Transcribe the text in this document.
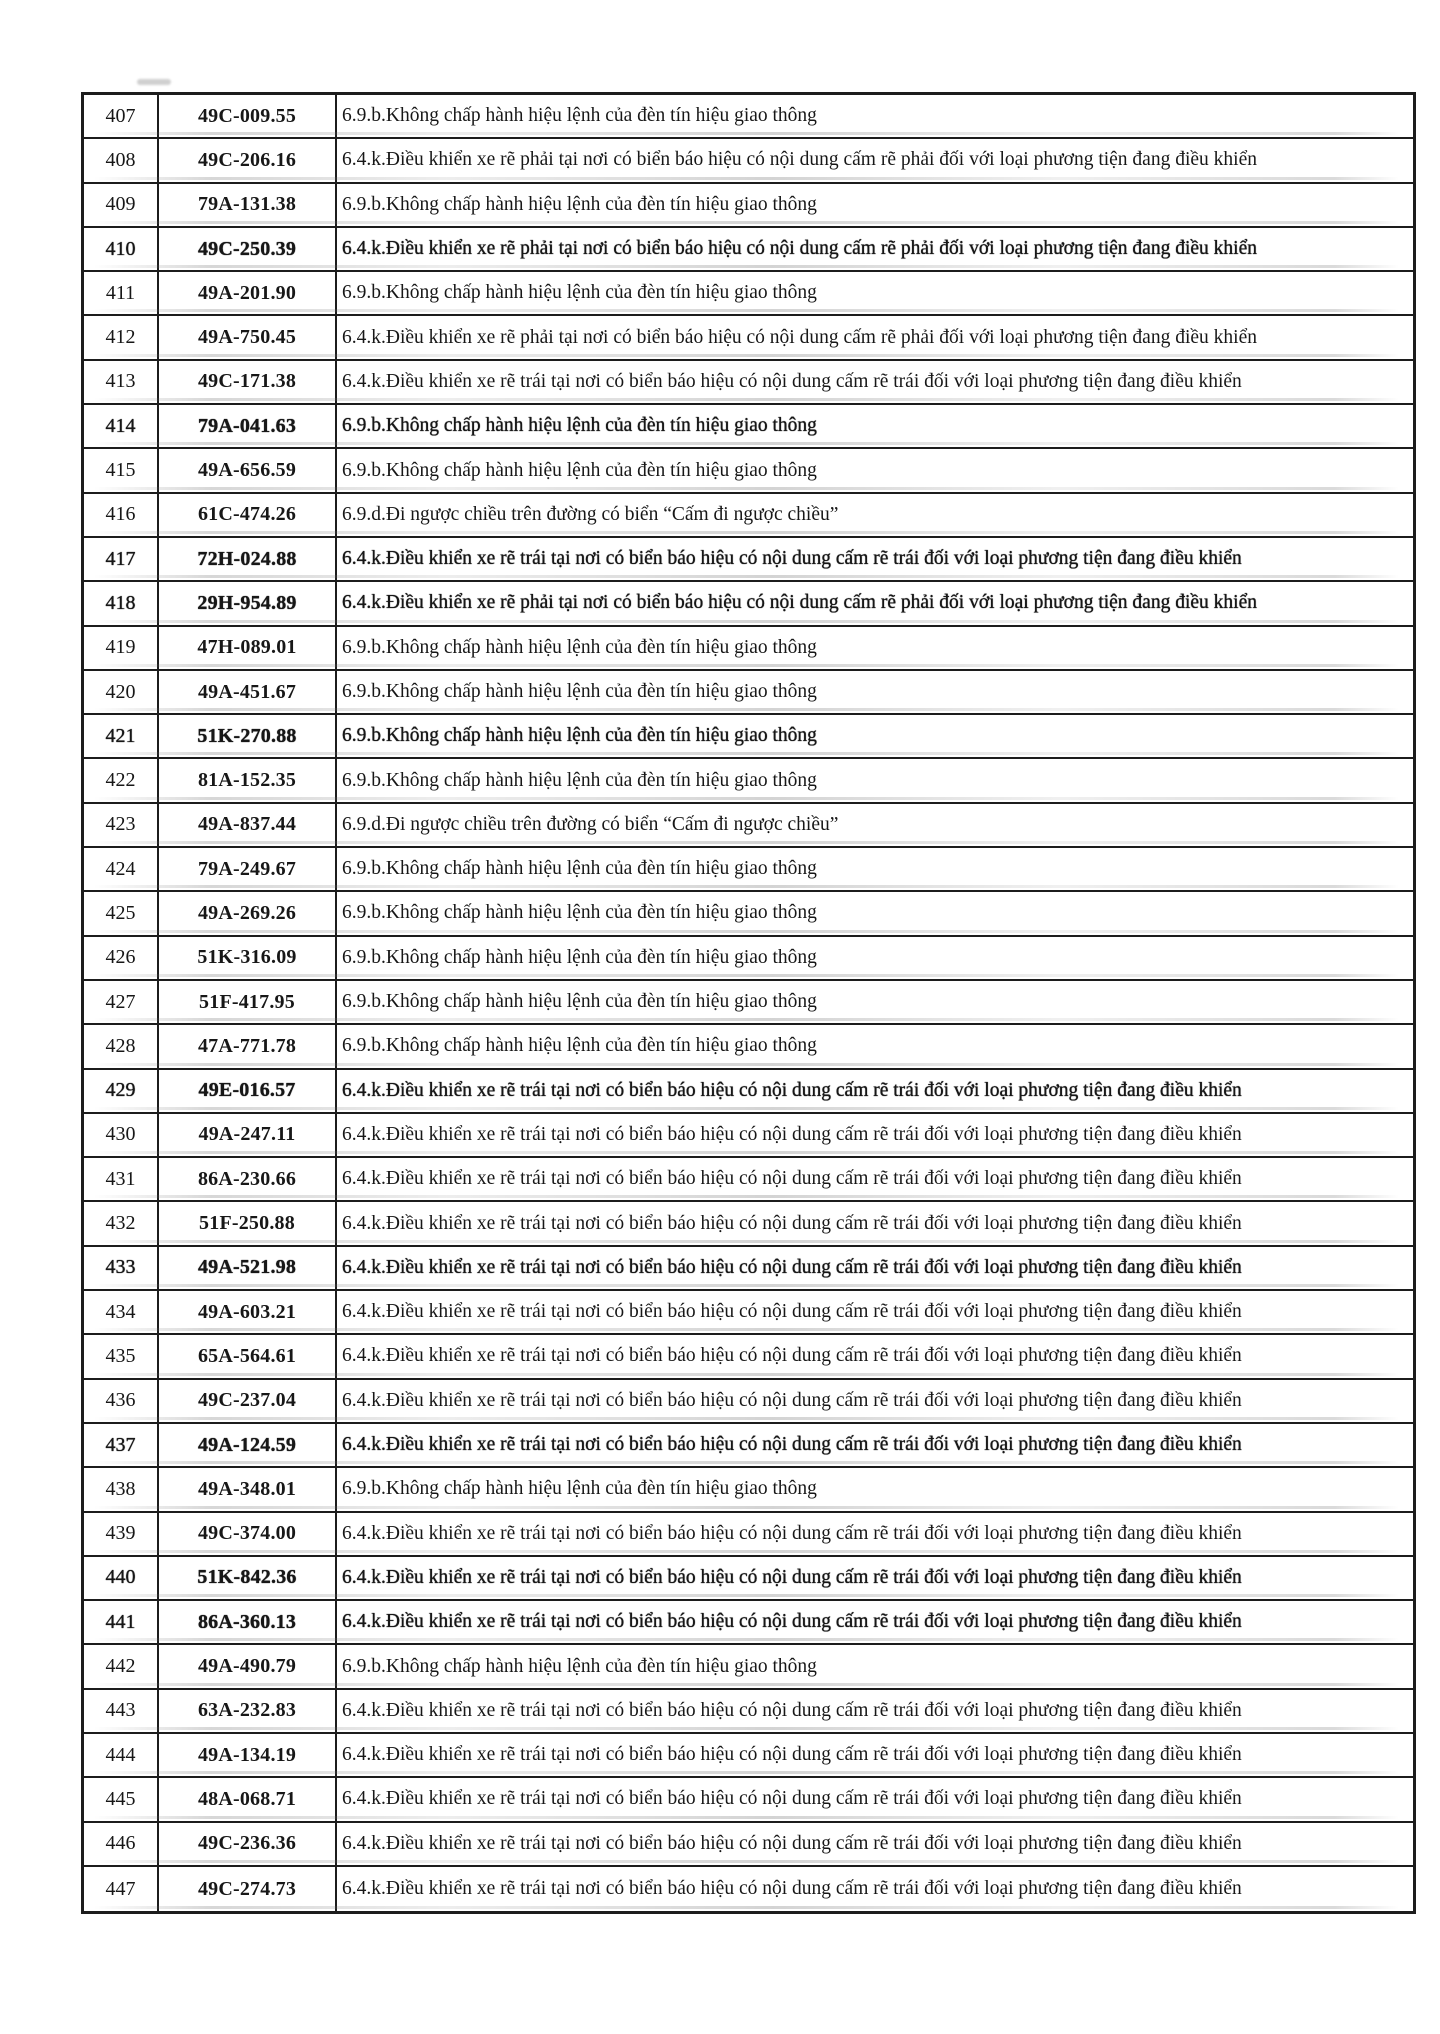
407	49C-009.55	6.9.b.Không chấp hành hiệu lệnh của đèn tín hiệu giao thông
408	49C-206.16	6.4.k.Điều khiển xe rẽ phải tại nơi có biển báo hiệu có nội dung cấm rẽ phải đối với loại phương tiện đang điều khiển
409	79A-131.38	6.9.b.Không chấp hành hiệu lệnh của đèn tín hiệu giao thông
410	49C-250.39	6.4.k.Điều khiển xe rẽ phải tại nơi có biển báo hiệu có nội dung cấm rẽ phải đối với loại phương tiện đang điều khiển
411	49A-201.90	6.9.b.Không chấp hành hiệu lệnh của đèn tín hiệu giao thông
412	49A-750.45	6.4.k.Điều khiển xe rẽ phải tại nơi có biển báo hiệu có nội dung cấm rẽ phải đối với loại phương tiện đang điều khiển
413	49C-171.38	6.4.k.Điều khiển xe rẽ trái tại nơi có biển báo hiệu có nội dung cấm rẽ trái đối với loại phương tiện đang điều khiển
414	79A-041.63	6.9.b.Không chấp hành hiệu lệnh của đèn tín hiệu giao thông
415	49A-656.59	6.9.b.Không chấp hành hiệu lệnh của đèn tín hiệu giao thông
416	61C-474.26	6.9.d.Đi ngược chiều trên đường có biển “Cấm đi ngược chiều”
417	72H-024.88	6.4.k.Điều khiển xe rẽ trái tại nơi có biển báo hiệu có nội dung cấm rẽ trái đối với loại phương tiện đang điều khiển
418	29H-954.89	6.4.k.Điều khiển xe rẽ phải tại nơi có biển báo hiệu có nội dung cấm rẽ phải đối với loại phương tiện đang điều khiển
419	47H-089.01	6.9.b.Không chấp hành hiệu lệnh của đèn tín hiệu giao thông
420	49A-451.67	6.9.b.Không chấp hành hiệu lệnh của đèn tín hiệu giao thông
421	51K-270.88	6.9.b.Không chấp hành hiệu lệnh của đèn tín hiệu giao thông
422	81A-152.35	6.9.b.Không chấp hành hiệu lệnh của đèn tín hiệu giao thông
423	49A-837.44	6.9.d.Đi ngược chiều trên đường có biển “Cấm đi ngược chiều”
424	79A-249.67	6.9.b.Không chấp hành hiệu lệnh của đèn tín hiệu giao thông
425	49A-269.26	6.9.b.Không chấp hành hiệu lệnh của đèn tín hiệu giao thông
426	51K-316.09	6.9.b.Không chấp hành hiệu lệnh của đèn tín hiệu giao thông
427	51F-417.95	6.9.b.Không chấp hành hiệu lệnh của đèn tín hiệu giao thông
428	47A-771.78	6.9.b.Không chấp hành hiệu lệnh của đèn tín hiệu giao thông
429	49E-016.57	6.4.k.Điều khiển xe rẽ trái tại nơi có biển báo hiệu có nội dung cấm rẽ trái đối với loại phương tiện đang điều khiển
430	49A-247.11	6.4.k.Điều khiển xe rẽ trái tại nơi có biển báo hiệu có nội dung cấm rẽ trái đối với loại phương tiện đang điều khiển
431	86A-230.66	6.4.k.Điều khiển xe rẽ trái tại nơi có biển báo hiệu có nội dung cấm rẽ trái đối với loại phương tiện đang điều khiển
432	51F-250.88	6.4.k.Điều khiển xe rẽ trái tại nơi có biển báo hiệu có nội dung cấm rẽ trái đối với loại phương tiện đang điều khiển
433	49A-521.98	6.4.k.Điều khiển xe rẽ trái tại nơi có biển báo hiệu có nội dung cấm rẽ trái đối với loại phương tiện đang điều khiển
434	49A-603.21	6.4.k.Điều khiển xe rẽ trái tại nơi có biển báo hiệu có nội dung cấm rẽ trái đối với loại phương tiện đang điều khiển
435	65A-564.61	6.4.k.Điều khiển xe rẽ trái tại nơi có biển báo hiệu có nội dung cấm rẽ trái đối với loại phương tiện đang điều khiển
436	49C-237.04	6.4.k.Điều khiển xe rẽ trái tại nơi có biển báo hiệu có nội dung cấm rẽ trái đối với loại phương tiện đang điều khiển
437	49A-124.59	6.4.k.Điều khiển xe rẽ trái tại nơi có biển báo hiệu có nội dung cấm rẽ trái đối với loại phương tiện đang điều khiển
438	49A-348.01	6.9.b.Không chấp hành hiệu lệnh của đèn tín hiệu giao thông
439	49C-374.00	6.4.k.Điều khiển xe rẽ trái tại nơi có biển báo hiệu có nội dung cấm rẽ trái đối với loại phương tiện đang điều khiển
440	51K-842.36	6.4.k.Điều khiển xe rẽ trái tại nơi có biển báo hiệu có nội dung cấm rẽ trái đối với loại phương tiện đang điều khiển
441	86A-360.13	6.4.k.Điều khiển xe rẽ trái tại nơi có biển báo hiệu có nội dung cấm rẽ trái đối với loại phương tiện đang điều khiển
442	49A-490.79	6.9.b.Không chấp hành hiệu lệnh của đèn tín hiệu giao thông
443	63A-232.83	6.4.k.Điều khiển xe rẽ trái tại nơi có biển báo hiệu có nội dung cấm rẽ trái đối với loại phương tiện đang điều khiển
444	49A-134.19	6.4.k.Điều khiển xe rẽ trái tại nơi có biển báo hiệu có nội dung cấm rẽ trái đối với loại phương tiện đang điều khiển
445	48A-068.71	6.4.k.Điều khiển xe rẽ trái tại nơi có biển báo hiệu có nội dung cấm rẽ trái đối với loại phương tiện đang điều khiển
446	49C-236.36	6.4.k.Điều khiển xe rẽ trái tại nơi có biển báo hiệu có nội dung cấm rẽ trái đối với loại phương tiện đang điều khiển
447	49C-274.73	6.4.k.Điều khiển xe rẽ trái tại nơi có biển báo hiệu có nội dung cấm rẽ trái đối với loại phương tiện đang điều khiển
